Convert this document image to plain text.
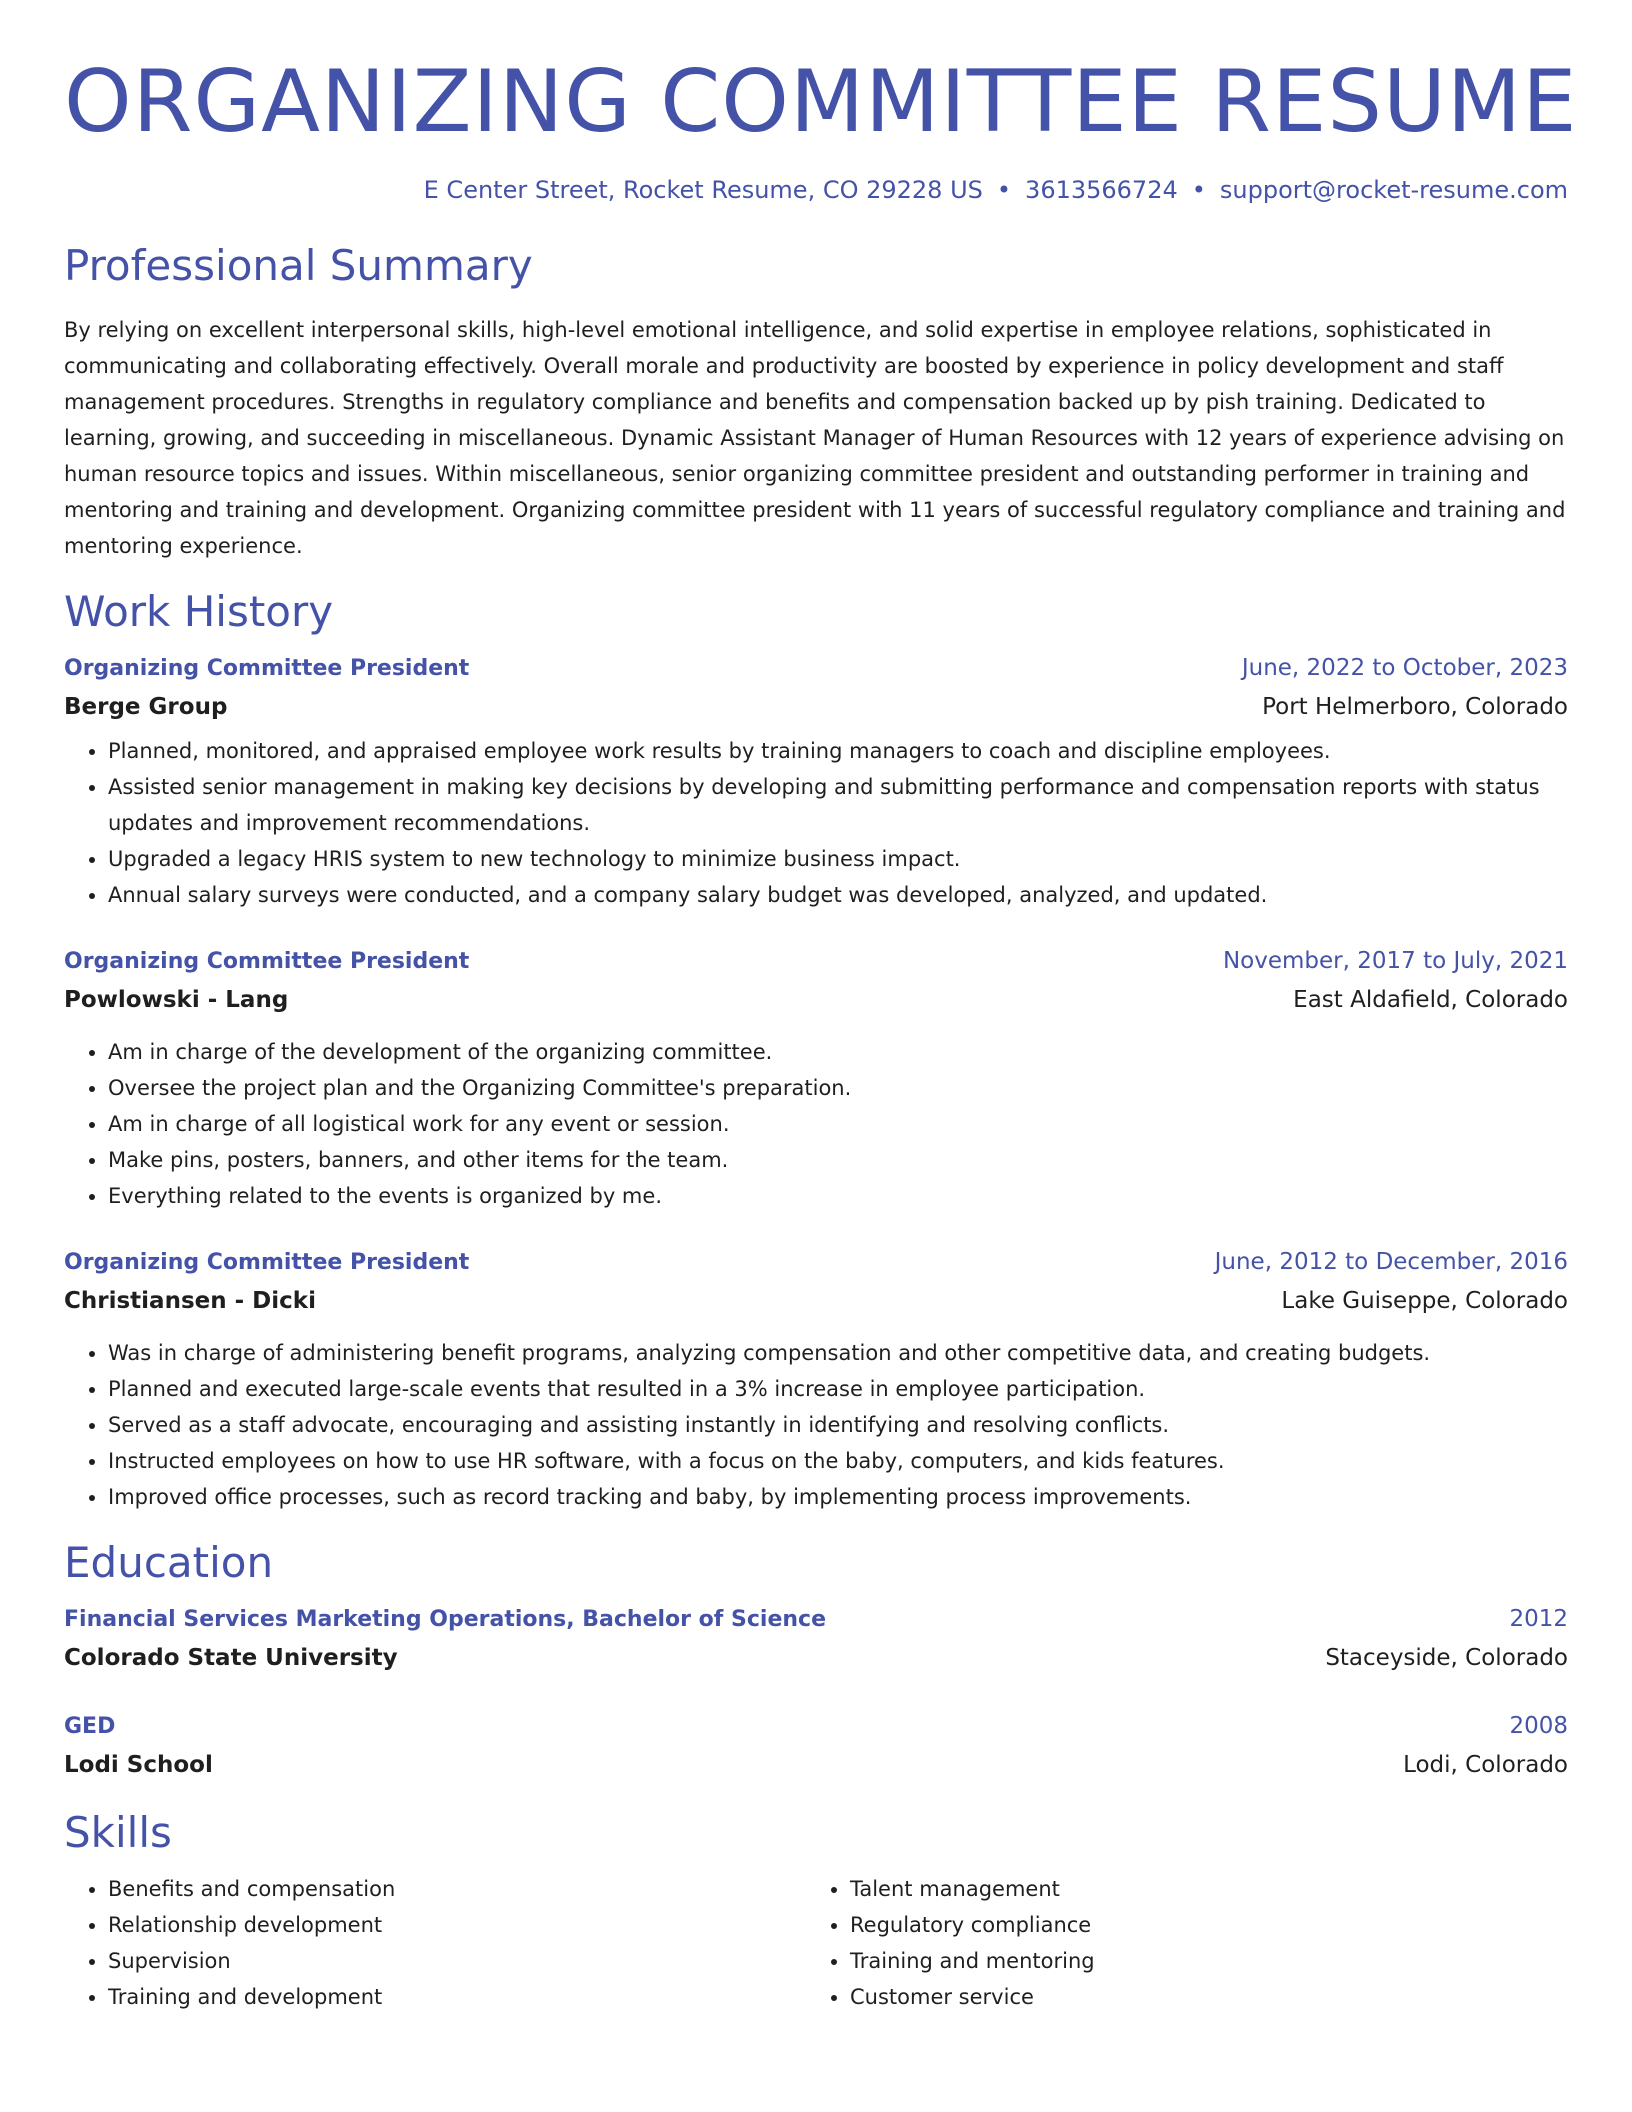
ORGANIZING COMMITTEE RESUME
E Center Street, Rocket Resume, CO 29228 US • 3613566724 • support@rocket-resume.com
Professional Summary

By relying on excellent interpersonal skills, high-level emotional intelligence, and solid expertise in employee relations, sophisticated in communicating and collaborating effectively. Overall morale and productivity are boosted by experience in policy development and staff management procedures. Strengths in regulatory compliance and benefits and compensation backed up by pish training. Dedicated to learning, growing, and succeeding in miscellaneous. Dynamic Assistant Manager of Human Resources with 12 years of experience advising on human resource topics and issues. Within miscellaneous, senior organizing committee president and outstanding performer in training and mentoring and training and development. Organizing committee president with 11 years of successful regulatory compliance and training and mentoring experience.

Work History
Organizing Committee President	June, 2022 to October, 2023
Berge Group	Port Helmerboro, Colorado
• Planned, monitored, and appraised employee work results by training managers to coach and discipline employees.
• Assisted senior management in making key decisions by developing and submitting performance and compensation reports with status updates and improvement recommendations.
• Upgraded a legacy HRIS system to new technology to minimize business impact.
• Annual salary surveys were conducted, and a company salary budget was developed, analyzed, and updated.
Organizing Committee President	November, 2017 to July, 2021
Powlowski - Lang	East Aldafield, Colorado
• Am in charge of the development of the organizing committee.
• Oversee the project plan and the Organizing Committee's preparation.
• Am in charge of all logistical work for any event or session.
• Make pins, posters, banners, and other items for the team.
• Everything related to the events is organized by me.
Organizing Committee President	June, 2012 to December, 2016
Christiansen - Dicki	Lake Guiseppe, Colorado
• Was in charge of administering benefit programs, analyzing compensation and other competitive data, and creating budgets.
• Planned and executed large-scale events that resulted in a 3% increase in employee participation.
• Served as a staff advocate, encouraging and assisting instantly in identifying and resolving conflicts.
• Instructed employees on how to use HR software, with a focus on the baby, computers, and kids features.
• Improved office processes, such as record tracking and baby, by implementing process improvements.
Education
Financial Services Marketing Operations, Bachelor of Science	2012
Colorado State University	Staceyside, Colorado
GED	2008
Lodi School	Lodi, Colorado
Skills
• Benefits and compensation
• Relationship development
• Supervision
• Training and development
• Talent management
• Regulatory compliance
• Training and mentoring
• Customer service
